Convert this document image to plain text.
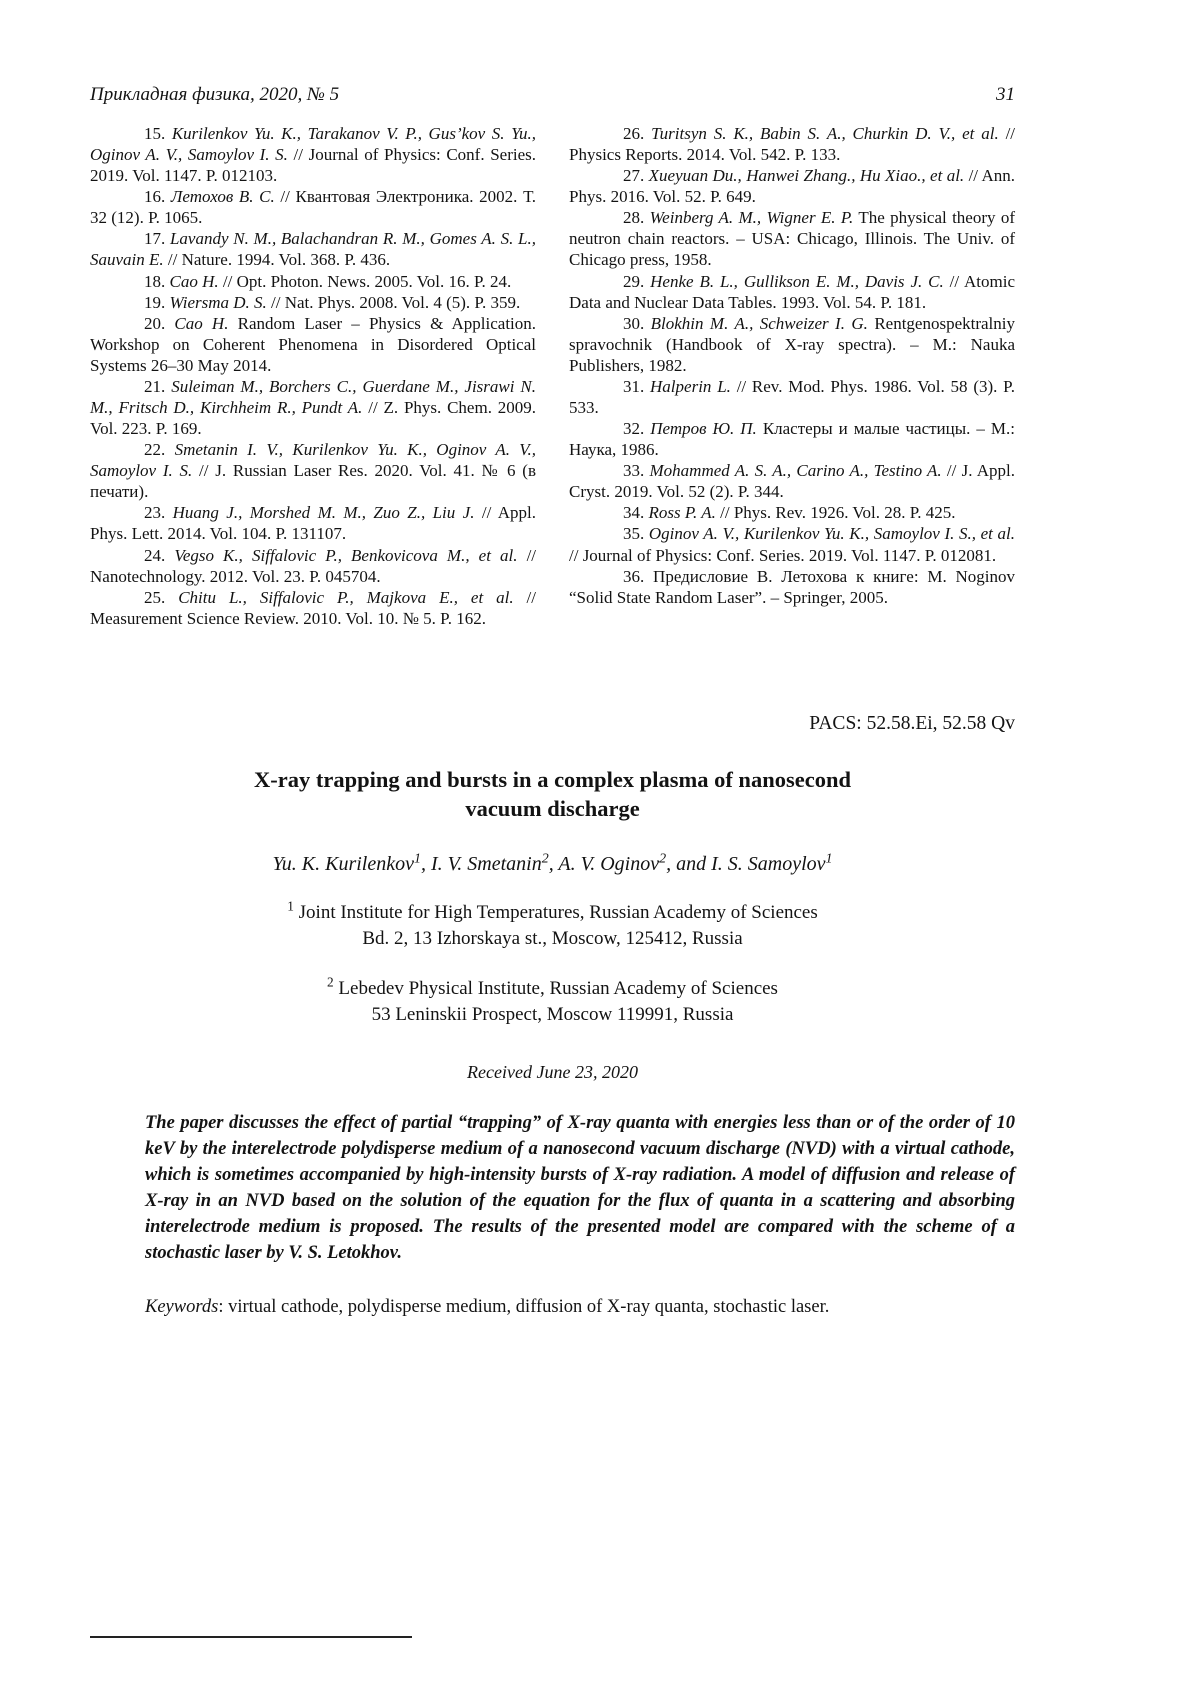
Прикладная физика, 2020, № 5	31

15. Kurilenkov Yu. K., Tarakanov V. P., Gus’kov S. Yu., Oginov A. V., Samoylov I. S. // Journal of Physics: Conf. Series. 2019. Vol. 1147. P. 012103.

16. Летохов В. С. // Квантовая Электроника. 2002. Т. 32 (12). P. 1065.

17. Lavandy N. M., Balachandran R. M., Gomes A. S. L., Sauvain E. // Nature. 1994. Vol. 368. P. 436.

18. Cao H. // Opt. Photon. News. 2005. Vol. 16. P. 24.

19. Wiersma D. S. // Nat. Phys. 2008. Vol. 4 (5). P. 359.

20. Cao H. Random Laser – Physics & Application. Workshop on Coherent Phenomena in Disordered Optical Systems 26–30 May 2014.

21. Suleiman M., Borchers C., Guerdane M., Jisrawi N. M., Fritsch D., Kirchheim R., Pundt A. // Z. Phys. Chem. 2009. Vol. 223. P. 169.

22. Smetanin I. V., Kurilenkov Yu. K., Oginov A. V., Samoylov I. S. // J. Russian Laser Res. 2020. Vol. 41. № 6 (в печати).

23. Huang J., Morshed M. M., Zuo Z., Liu J. // Appl. Phys. Lett. 2014. Vol. 104. P. 131107.

24. Vegso K., Siffalovic P., Benkovicova M., et al. // Nanotechnology. 2012. Vol. 23. P. 045704.

25. Chitu L., Siffalovic P., Majkova E., et al. // Measurement Science Review. 2010. Vol. 10. № 5. P. 162.

26. Turitsyn S. K., Babin S. A., Churkin D. V., et al. // Physics Reports. 2014. Vol. 542. P. 133.

27. Xueyuan Du., Hanwei Zhang., Hu Xiao., et al. // Ann. Phys. 2016. Vol. 52. P. 649.

28. Weinberg A. M., Wigner E. P. The physical theory of neutron chain reactors. – USA: Chicago, Illinois. The Univ. of Chicago press, 1958.

29. Henke B. L., Gullikson E. M., Davis J. C. // Atomic Data and Nuclear Data Tables. 1993. Vol. 54. P. 181.

30. Blokhin M. A., Schweizer I. G. Rentgenospektralniy spravochnik (Handbook of X-ray spectra). – M.: Nauka Publishers, 1982.

31. Halperin L. // Rev. Mod. Phys. 1986. Vol. 58 (3). P. 533.

32. Петров Ю. П. Кластеры и малые частицы. – М.: Наука, 1986.

33. Mohammed A. S. A., Carino A., Testino A. // J. Appl. Cryst. 2019. Vol. 52 (2). P. 344.

34. Ross P. A. // Phys. Rev. 1926. Vol. 28. P. 425.

35. Oginov A. V., Kurilenkov Yu. K., Samoylov I. S., et al. // Journal of Physics: Conf. Series. 2019. Vol. 1147. P. 012081.

36. Предисловие В. Летохова к книге: M. Noginov “Solid State Random Laser”. – Springer, 2005.

PACS: 52.58.Ei, 52.58 Qv
X-ray trapping and bursts in a complex plasma of nanosecond
vacuum discharge
Yu. K. Kurilenkov$^1$, I. V. Smetanin$^2$, A. V. Oginov$^2$, and I. S. Samoylov$^1$
$^1$ Joint Institute for High Temperatures, Russian Academy of Sciences
Bd. 2, 13 Izhorskaya st., Moscow, 125412, Russia
$^2$ Lebedev Physical Institute, Russian Academy of Sciences
53 Leninskii Prospect, Moscow 119991, Russia
Received June 23, 2020

The paper discusses the effect of partial “trapping” of X-ray quanta with energies less than or of the order of 10 keV by the interelectrode polydisperse medium of a nanosecond vacuum discharge (NVD) with a virtual cathode, which is sometimes accompanied by high-intensity bursts of X-ray radiation. A model of diffusion and release of X-ray in an NVD based on the solution of the equation for the flux of quanta in a scattering and absorbing interelectrode medium is proposed. The results of the presented model are compared with the scheme of a stochastic laser by V. S. Letokhov.

Keywords: virtual cathode, polydisperse medium, diffusion of X-ray quanta, stochastic laser.
